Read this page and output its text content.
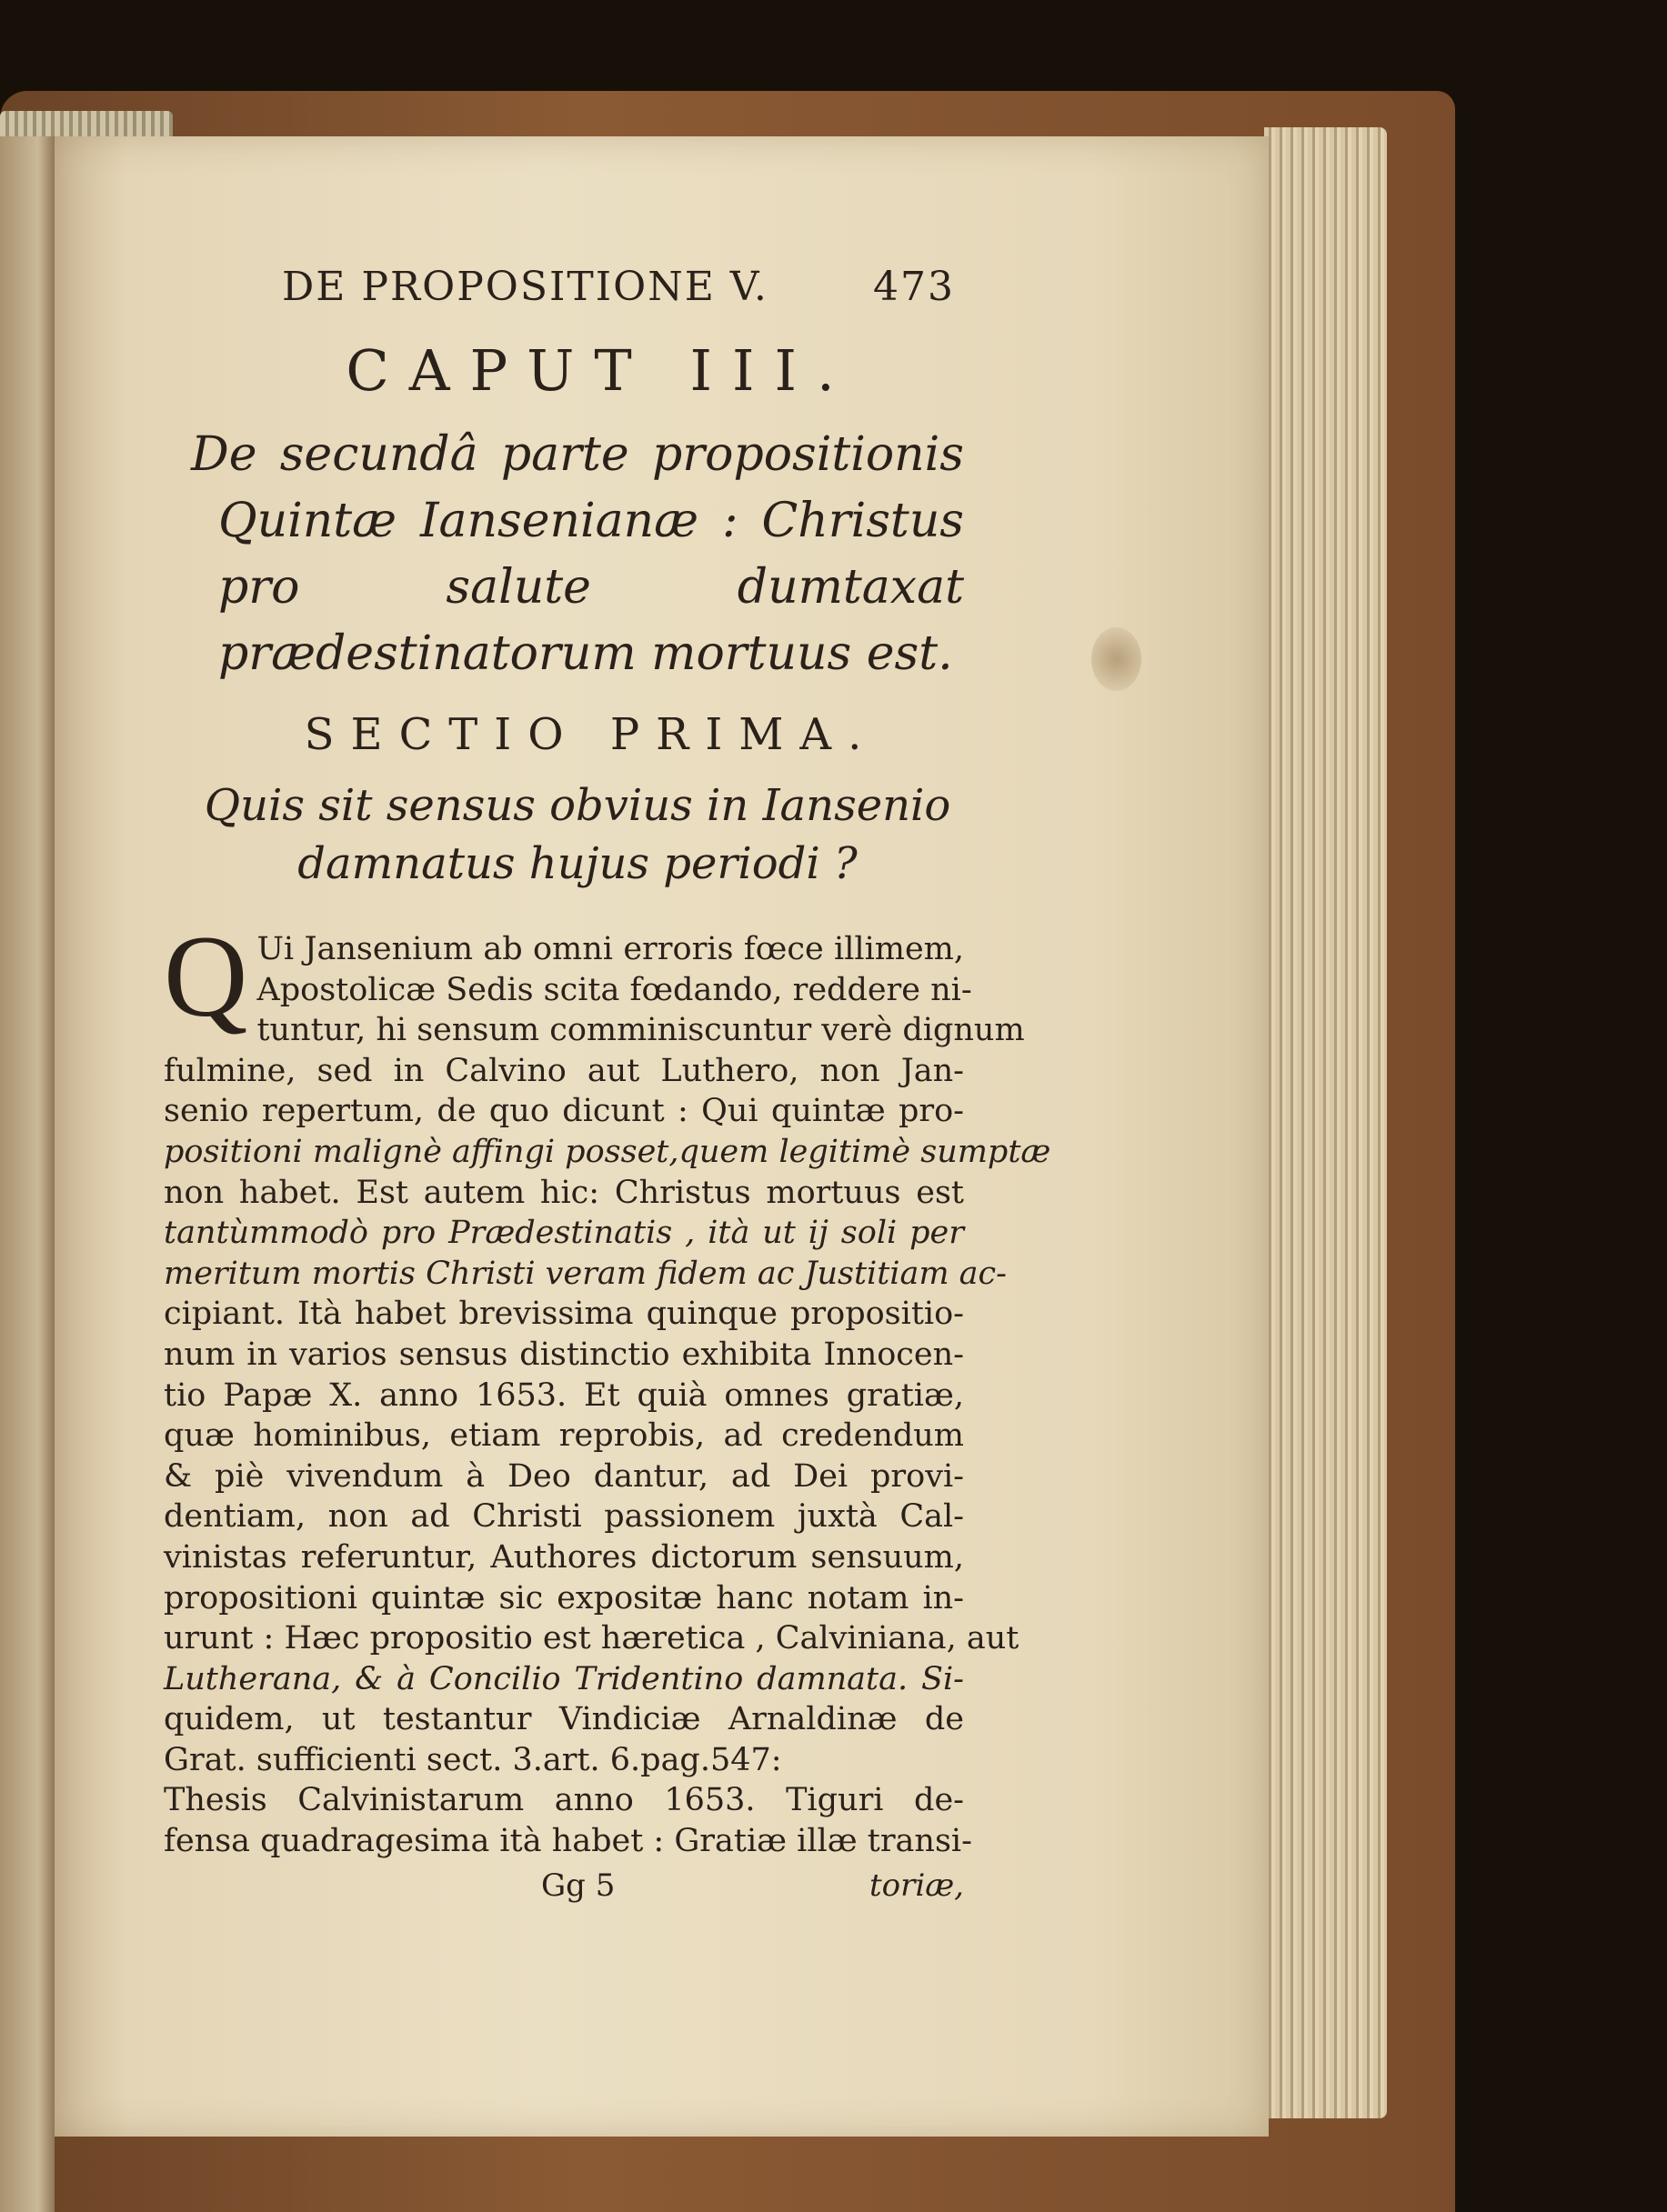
DE PROPOSITIONE V.	473
CAPUT III.
De secundâ parte propositionis Quintæ Iansenianæ : Christus pro salute dumtaxat prædestinatorum mortuus est.
SECTIO PRIMA.
Quis sit sensus obvius in Iansenio damnatus hujus periodi ?
Q Ui Jansenium ab omni erroris fœce illimem,
Apostolicæ Sedis scita fœdando, reddere ni-
tuntur, hi sensum comminiscuntur verè dignum
fulmine, sed in Calvino aut Luthero, non Jan-
senio repertum, de quo dicunt : Qui quintæ pro-
positioni malignè affingi posset,quem legitimè sumptæ
non habet. Est autem hic: Christus mortuus est
tantùmmodò pro Prædestinatis , ità ut ij soli per
meritum mortis Christi veram fidem ac Justitiam ac-
cipiant. Ità habet brevissima quinque propositio-
num in varios sensus distinctio exhibita Innocen-
tio Papæ X. anno 1653. Et quià omnes gratiæ,
quæ hominibus, etiam reprobis, ad credendum
& piè vivendum à Deo dantur, ad Dei provi-
dentiam, non ad Christi passionem juxtà Cal-
vinistas referuntur, Authores dictorum sensuum,
propositioni quintæ sic expositæ hanc notam in-
urunt : Hæc propositio est hæretica , Calviniana, aut
Lutherana, & à Concilio Tridentino damnata. Si-
quidem, ut testantur Vindiciæ Arnaldinæ de
Grat. sufficienti sect. 3.art. 6.pag.547:
Thesis Calvinistarum anno 1653. Tiguri de-
fensa quadragesima ità habet : Gratiæ illæ transi-
Gg 5	toriæ,
